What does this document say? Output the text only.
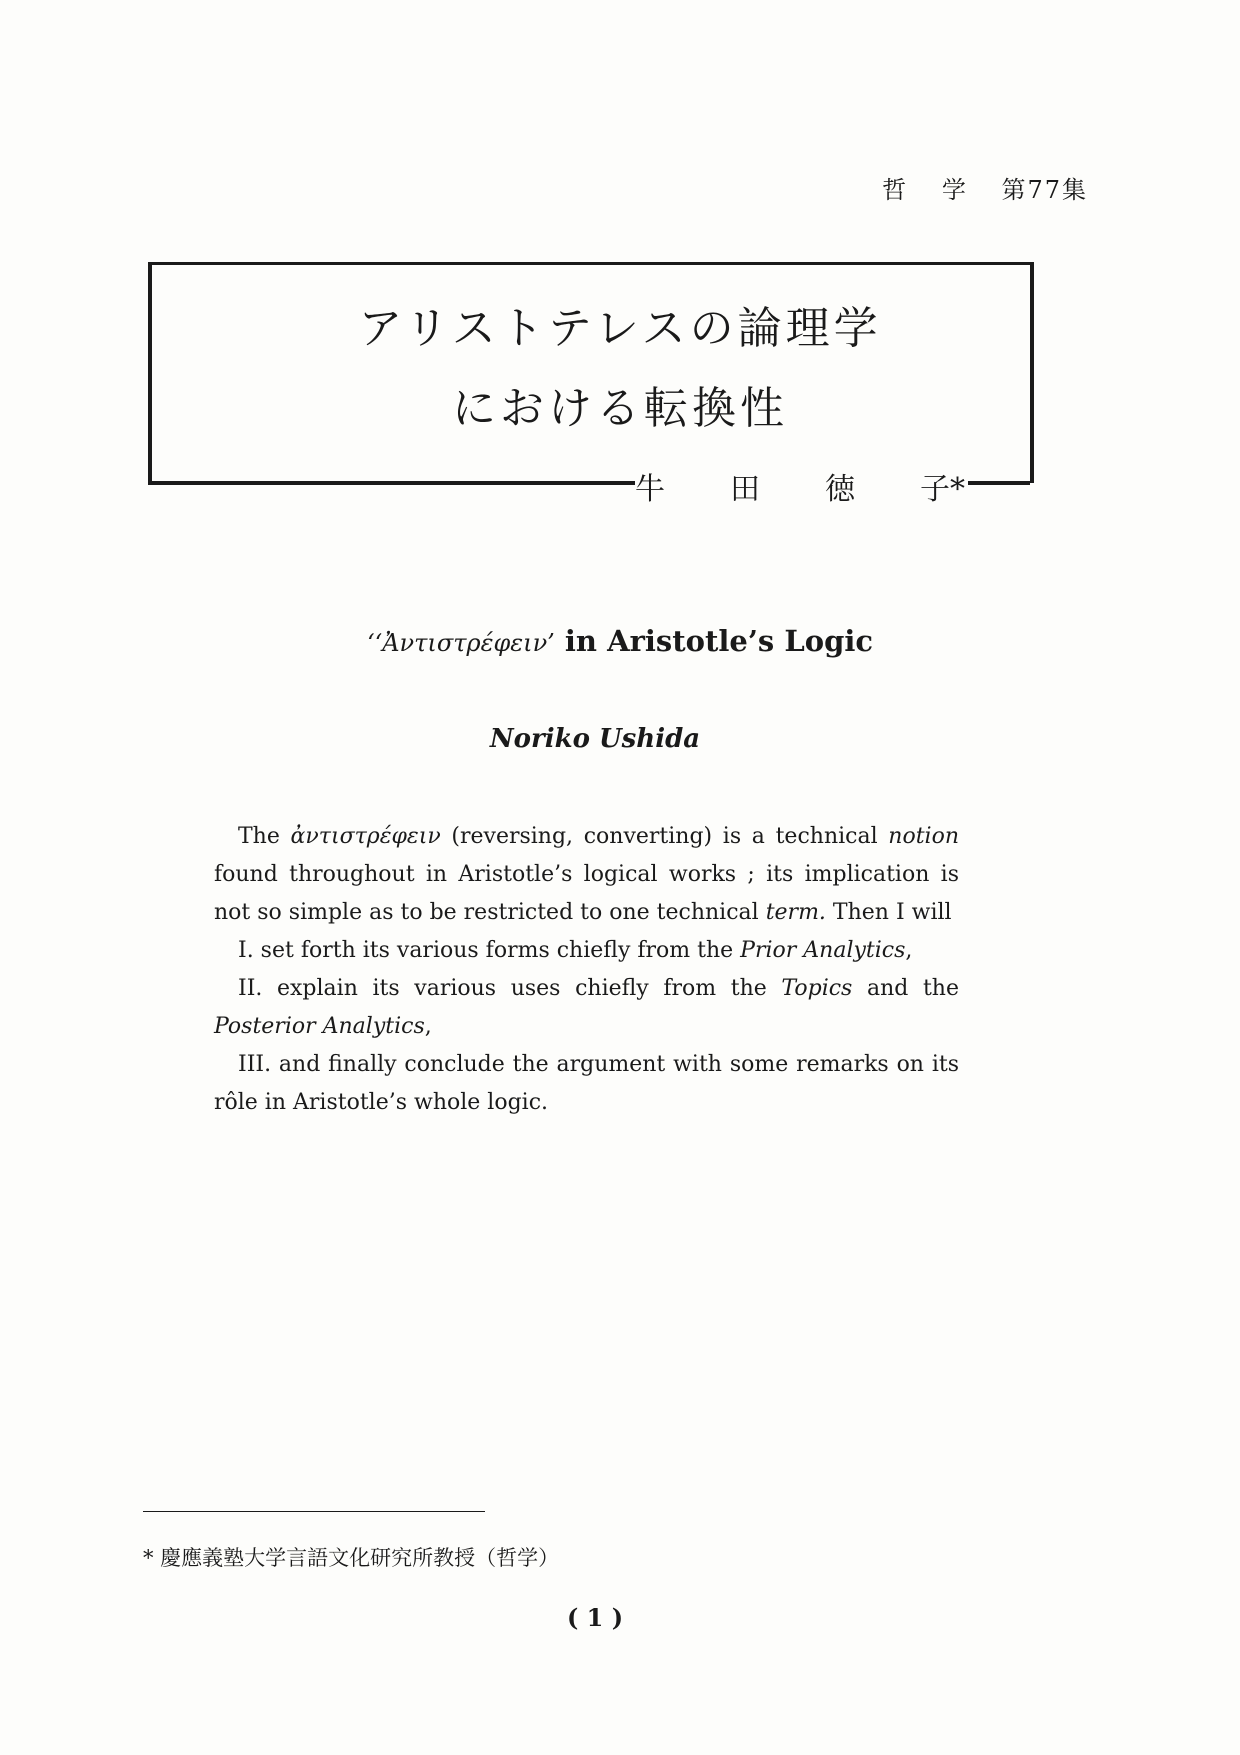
哲 学 第77集
アリストテレスの論理学
における転換性
牛 田 徳 子*
‘‘Ἀντιστρέφειν’ in Aristotle’s Logic
Noriko Ushida

The ἀντιστρέφειν (reversing, converting) is a technical notion found throughout in Aristotle’s logical works ; its implication is not so simple as to be restricted to one technical term. Then I will

I. set forth its various forms chiefly from the Prior Analytics,

II. explain its various uses chiefly from the Topics and the Posterior Analytics,

III. and finally conclude the argument with some remarks on its rôle in Aristotle’s whole logic.

* 慶應義塾大学言語文化研究所教授（哲学）
( 1 )
